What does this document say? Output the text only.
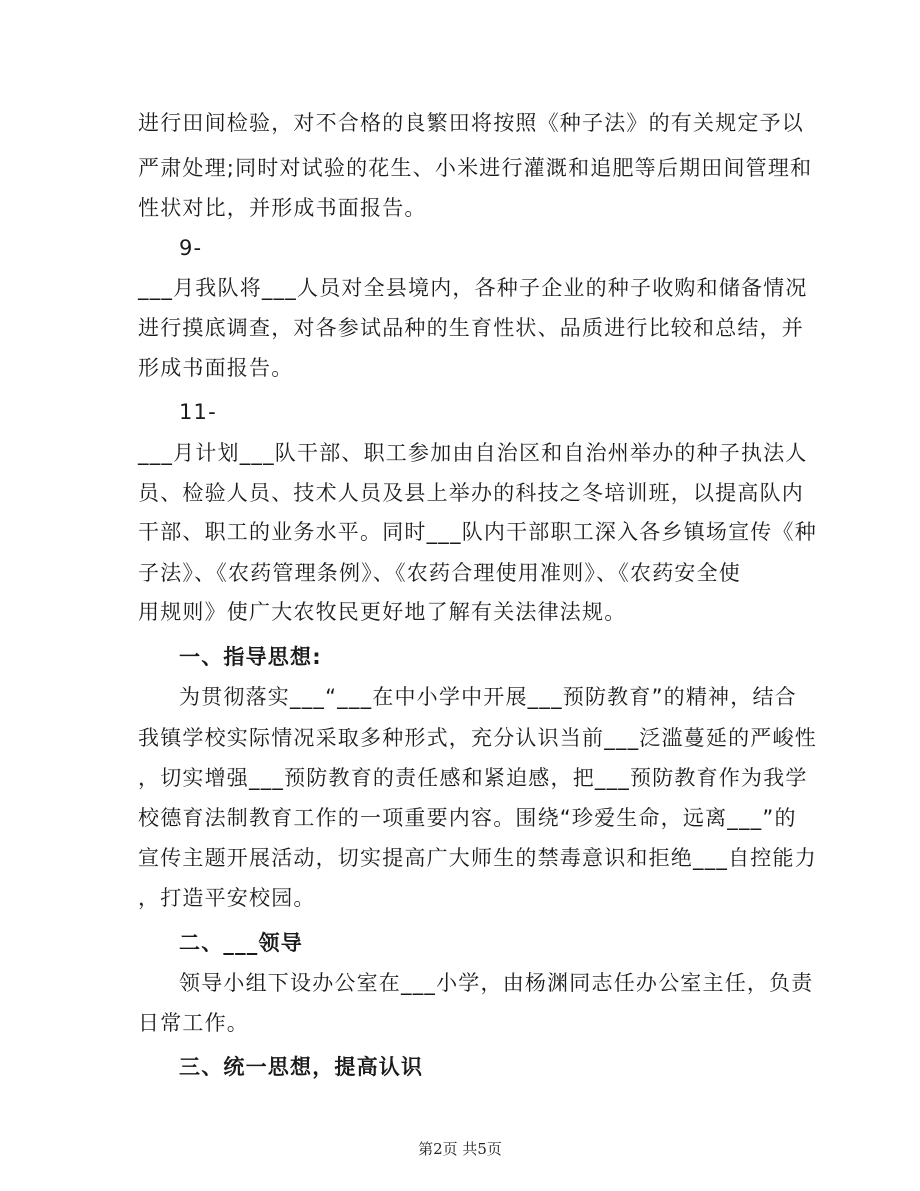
进行田间检验，对不合格的良繁田将按照《种子法》的有关规定予以
严肃处理;同时对试验的花生、小米进行灌溉和追肥等后期田间管理和
性状对比，并形成书面报告。
9-
___月我队将___人员对全县境内，各种子企业的种子收购和储备情况
进行摸底调查，对各参试品种的生育性状、品质进行比较和总结，并
形成书面报告。
11-
___月计划___队干部、职工参加由自治区和自治州举办的种子执法人
员、检验人员、技术人员及县上举办的科技之冬培训班，以提高队内
干部、职工的业务水平。同时___队内干部职工深入各乡镇场宣传《种
子法》、《农药管理条例》、《农药合理使用准则》、《农药安全使
用规则》使广大农牧民更好地了解有关法律法规。
一、指导思想:
为贯彻落实___“___在中小学中开展___预防教育”的精神，结合
我镇学校实际情况采取多种形式，充分认识当前___泛滥蔓延的严峻性
，切实增强___预防教育的责任感和紧迫感，把___预防教育作为我学
校德育法制教育工作的一项重要内容。围绕“珍爱生命，远离___”的
宣传主题开展活动，切实提高广大师生的禁毒意识和拒绝___自控能力
，打造平安校园。
二、___领导
领导小组下设办公室在___小学，由杨渊同志任办公室主任，负责
日常工作。
三、统一思想，提高认识
第2页 共5页
